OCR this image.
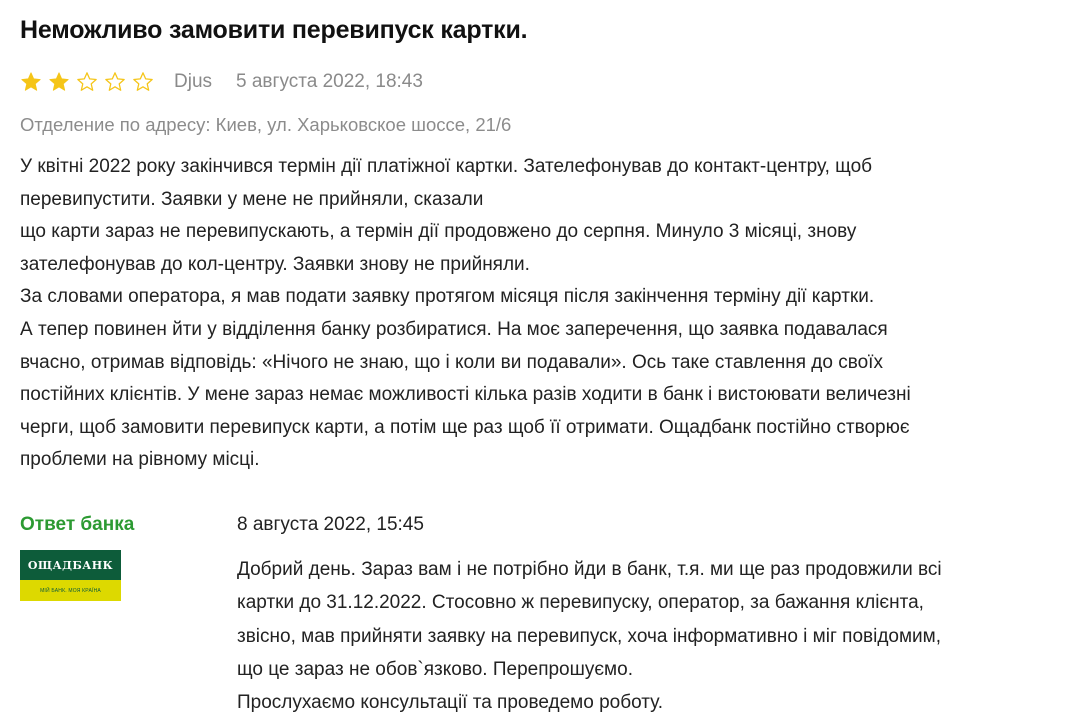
Неможливо замовити перевипуск картки.
Djus 5 августа 2022, 18:43
Отделение по адресу: Киев, ул. Харьковское шоссе, 21/6

У квітні 2022 року закінчився термін дії платіжної картки. Зателефонував до контакт-центру, щоб

перевипустити. Заявки у мене не прийняли, сказали

що карти зараз не перевипускають, а термін дії продовжено до серпня. Минуло 3 місяці, знову

зателефонував до кол-центру. Заявки знову не прийняли.

За словами оператора, я мав подати заявку протягом місяця після закінчення терміну дії картки.

А тепер повинен йти у відділення банку розбиратися. На моє заперечення, що заявка подавалася

вчасно, отримав відповідь: «Нічого не знаю, що і коли ви подавали». Ось таке ставлення до своїх

постійних клієнтів. У мене зараз немає можливості кілька разів ходити в банк і вистоювати величезні

черги, щоб замовити перевипуск карти, а потім ще раз щоб її отримати. Ощадбанк постійно створює

проблеми на рівному місці.

Ответ банка
ОЩАДБАНК
МІЙ БАНК. МОЯ КРАЇНА
8 августа 2022, 15:45

Добрий день. Зараз вам і не потрібно йди в банк, т.я. ми ще раз продовжили всі

картки до 31.12.2022. Стосовно ж перевипуску, оператор, за бажання клієнта,

звісно, мав прийняти заявку на перевипуск, хоча інформативно і міг повідомим,

що це зараз не обов`язково. Перепрошуємо.

Прослухаємо консультації та проведемо роботу.
